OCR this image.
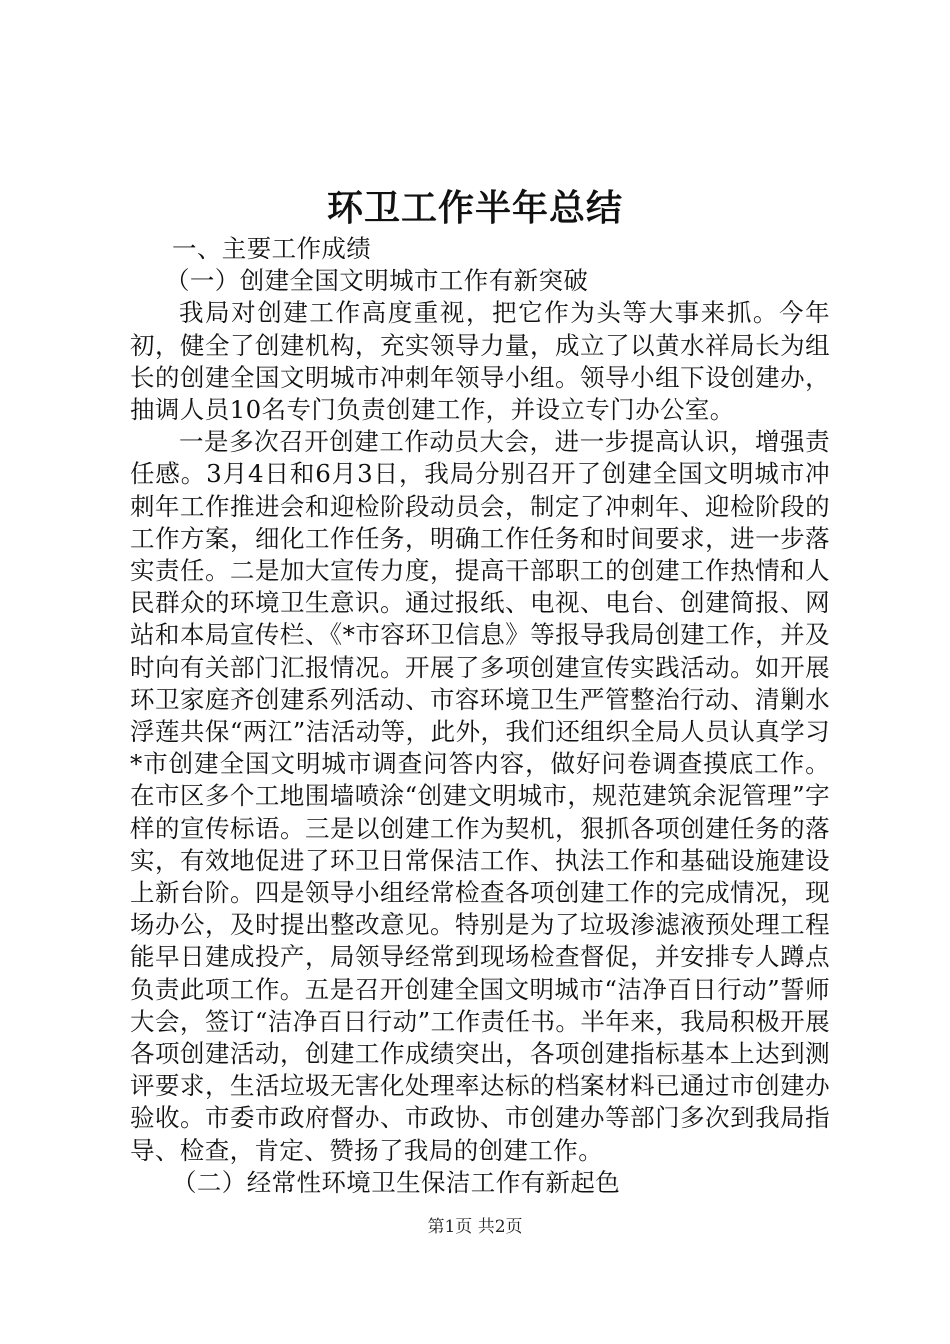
环卫工作半年总结

一、主要工作成绩

（一）创建全国文明城市工作有新突破

我局对创建工作高度重视，把它作为头等大事来抓。今年初，健全了创建机构，充实领导力量，成立了以黄水祥局长为组长的创建全国文明城市冲刺年领导小组。领导小组下设创建办，抽调人员10名专门负责创建工作，并设立专门办公室。

一是多次召开创建工作动员大会，进一步提高认识，增强责任感。3月4日和6月3日，我局分别召开了创建全国文明城市冲刺年工作推进会和迎检阶段动员会，制定了冲刺年、迎检阶段的工作方案，细化工作任务，明确工作任务和时间要求，进一步落实责任。二是加大宣传力度，提高干部职工的创建工作热情和人民群众的环境卫生意识。通过报纸、电视、电台、创建简报、网站和本局宣传栏、《*市容环卫信息》等报导我局创建工作，并及时向有关部门汇报情况。开展了多项创建宣传实践活动。如开展环卫家庭齐创建系列活动、市容环境卫生严管整治行动、清剿水浮莲共保“两江”洁活动等，此外，我们还组织全局人员认真学习*市创建全国文明城市调查问答内容，做好问卷调查摸底工作。在市区多个工地围墙喷涂“创建文明城市，规范建筑余泥管理”字样的宣传标语。三是以创建工作为契机，狠抓各项创建任务的落实，有效地促进了环卫日常保洁工作、执法工作和基础设施建设上新台阶。四是领导小组经常检查各项创建工作的完成情况，现场办公，及时提出整改意见。特别是为了垃圾渗滤液预处理工程能早日建成投产，局领导经常到现场检查督促，并安排专人蹲点负责此项工作。五是召开创建全国文明城市“洁净百日行动”誓师大会，签订“洁净百日行动”工作责任书。半年来，我局积极开展各项创建活动，创建工作成绩突出，各项创建指标基本上达到测评要求，生活垃圾无害化处理率达标的档案材料已通过市创建办验收。市委市政府督办、市政协、市创建办等部门多次到我局指导、检查，肯定、赞扬了我局的创建工作。

（二）经常性环境卫生保洁工作有新起色

第1页 共2页
